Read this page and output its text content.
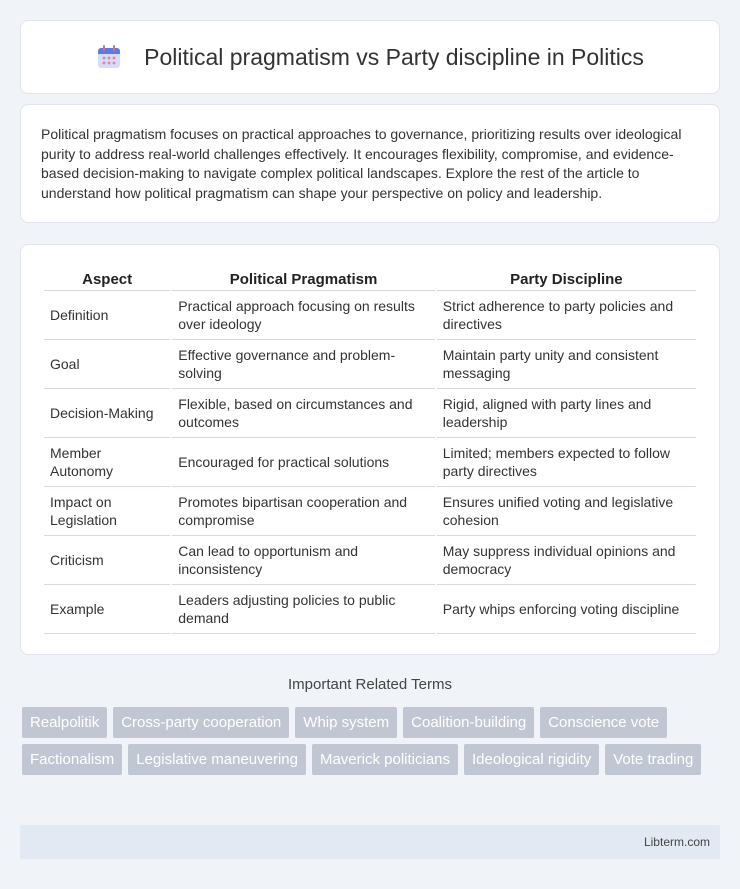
Political pragmatism vs Party discipline in Politics

Political pragmatism focuses on practical approaches to governance, prioritizing results over ideological purity to address real-world challenges effectively. It encourages flexibility, compromise, and evidence-based decision-making to navigate complex political landscapes. Explore the rest of the article to understand how political pragmatism can shape your perspective on policy and leadership.

Aspect	Political Pragmatism	Party Discipline
Definition	Practical approach focusing on results over ideology	Strict adherence to party policies and directives
Goal	Effective governance and problem-solving	Maintain party unity and consistent messaging
Decision-Making	Flexible, based on circumstances and outcomes	Rigid, aligned with party lines and leadership
Member Autonomy	Encouraged for practical solutions	Limited; members expected to follow party directives
Impact on Legislation	Promotes bipartisan cooperation and compromise	Ensures unified voting and legislative cohesion
Criticism	Can lead to opportunism and inconsistency	May suppress individual opinions and democracy
Example	Leaders adjusting policies to public demand	Party whips enforcing voting discipline
Important Related Terms
Realpolitik	Cross-party cooperation	Whip system	Coalition-building	Conscience vote
Factionalism	Legislative maneuvering	Maverick politicians	Ideological rigidity	Vote trading
Libterm.com
